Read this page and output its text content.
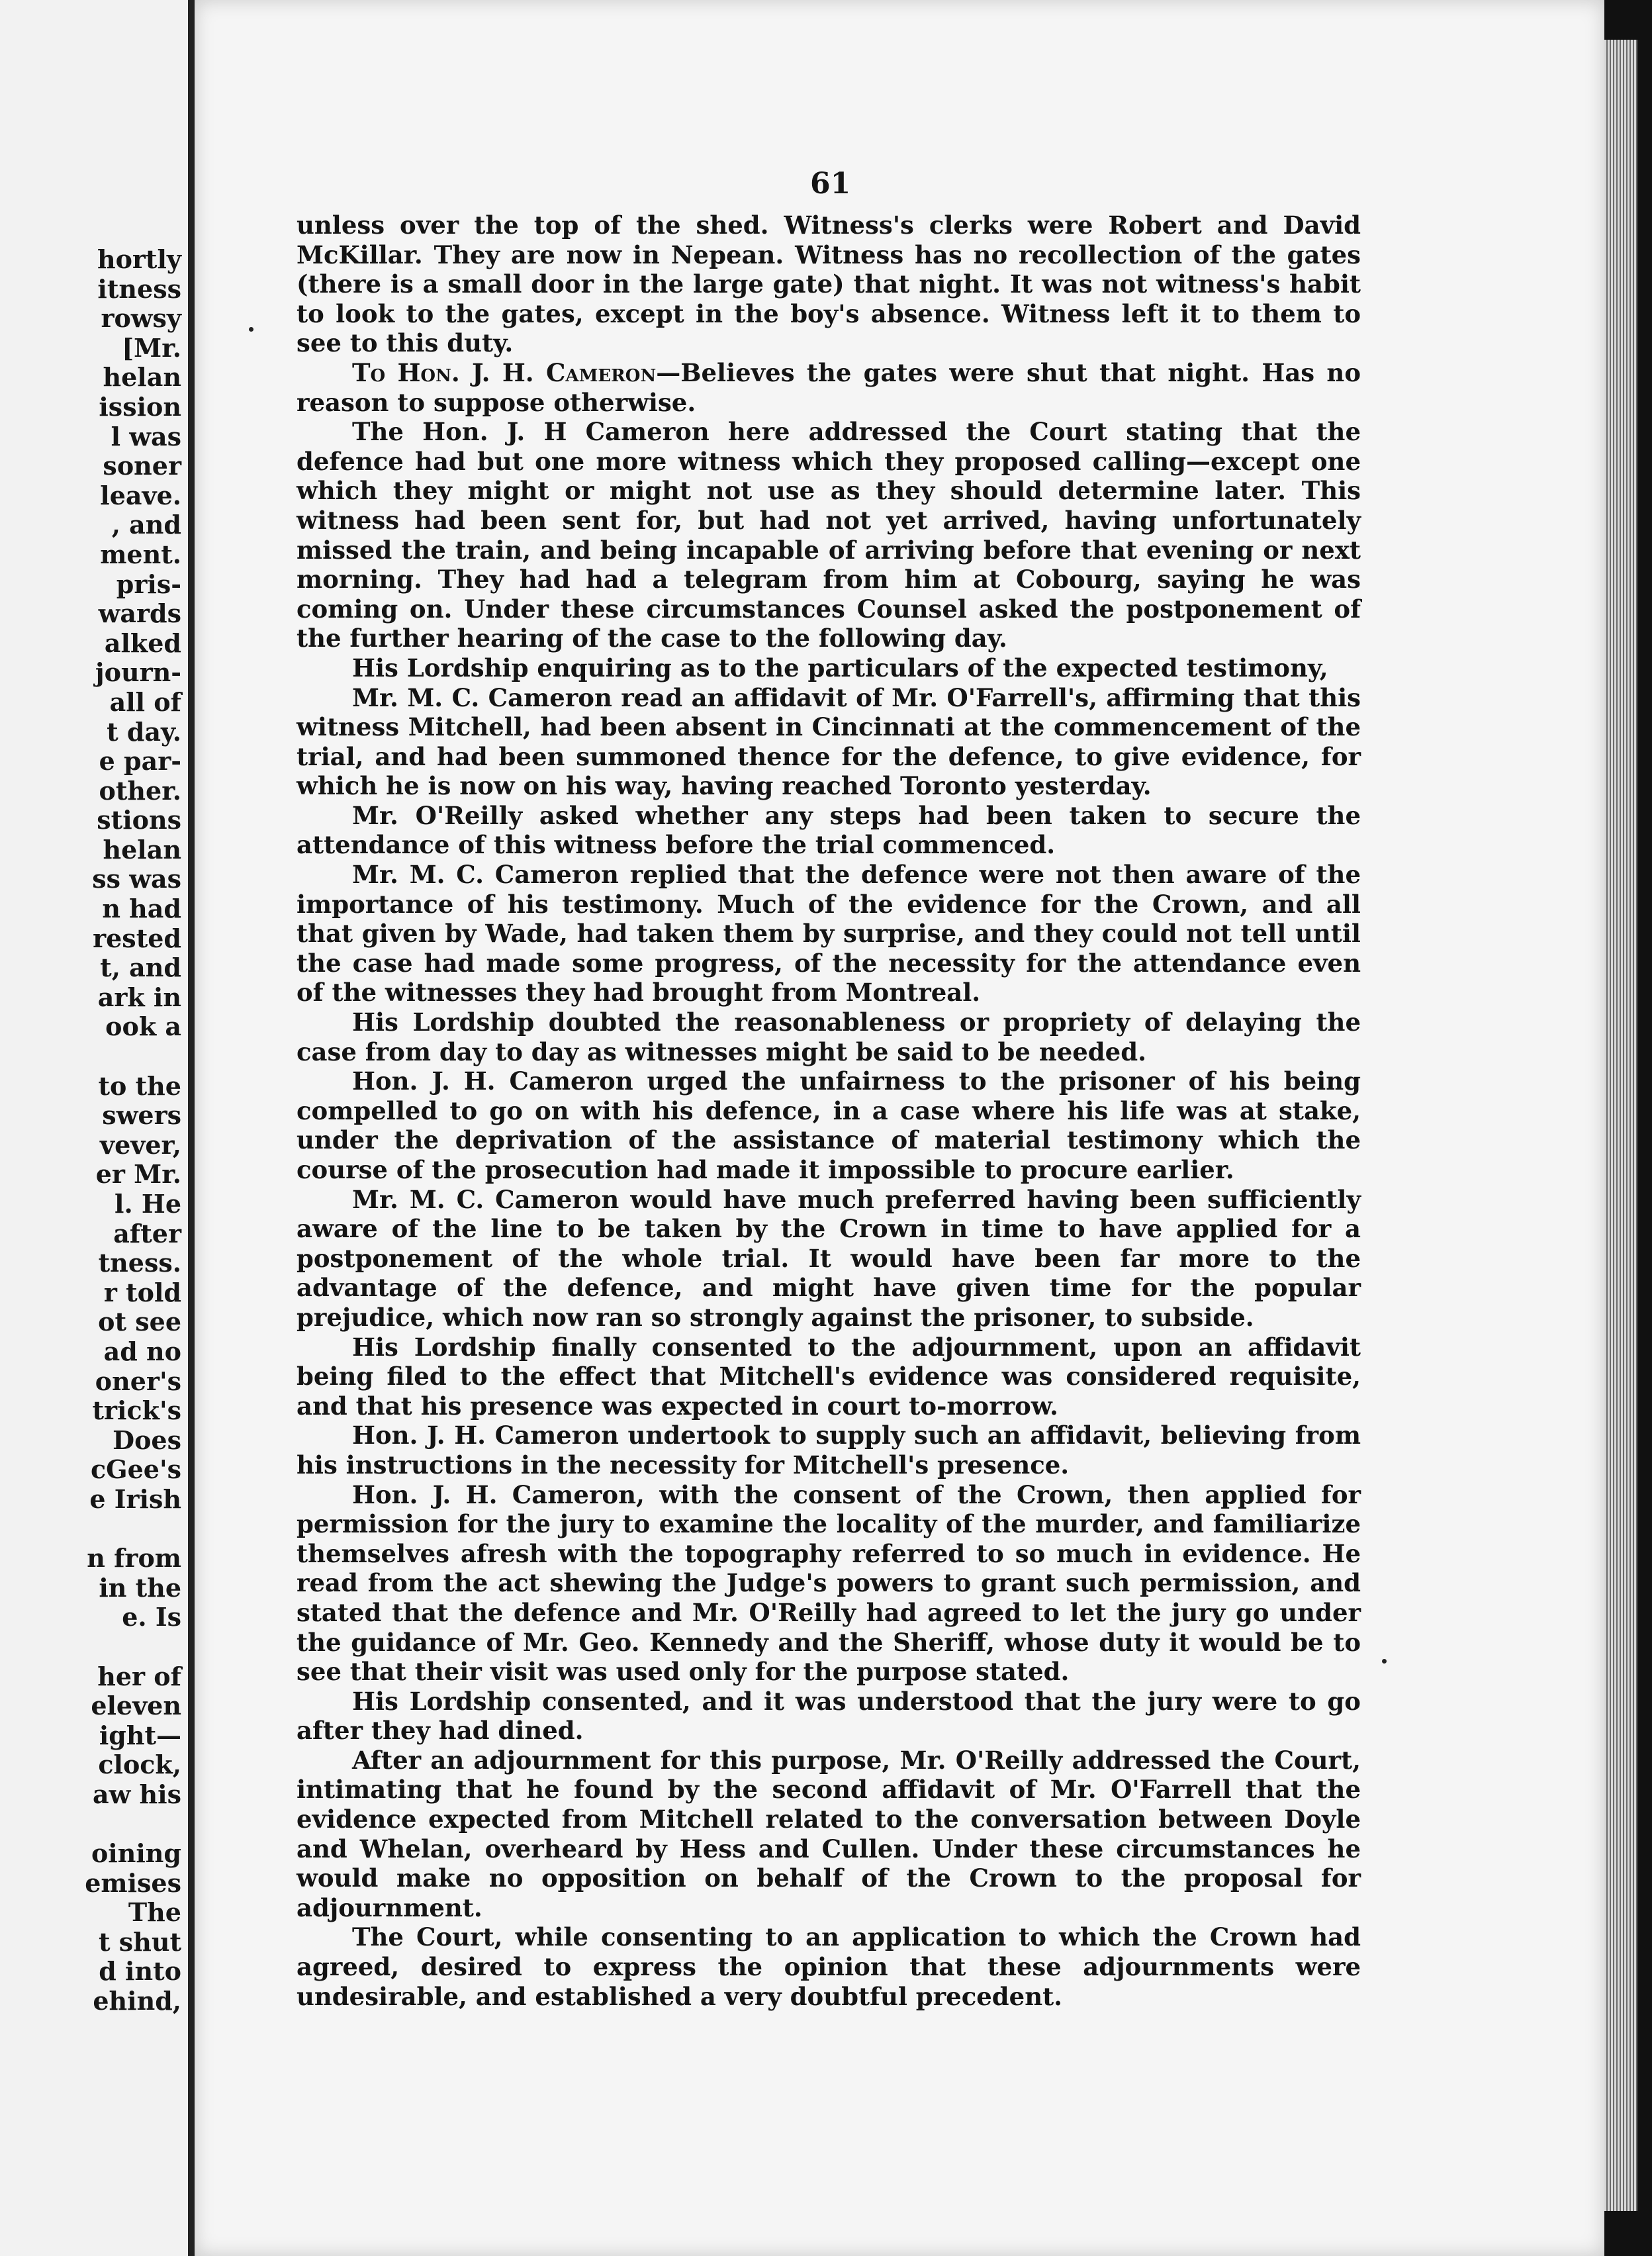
hortly
itness
rowsy
[Mr.
helan
ission
l was
soner
leave.
, and
ment.
pris-
wards
alked
journ-
all of
t day.
e par-
other.
stions
helan
ss was
n had
rested
t, and
ark in
ook a

to the
swers
vever,
er Mr.
l. He
after
tness.
r told
ot see
ad no
oner's
trick's
Does
cGee's
e Irish

n from
in the
e. Is

her of
eleven
ight—
clock,
aw his

oining
emises
The
t shut
d into
ehind,
61

unless over the top of the shed. Witness's clerks were Robert and David McKillar. They are now in Nepean. Witness has no recollection of the gates (there is a small door in the large gate) that night. It was not witness's habit to look to the gates, except in the boy's absence. Witness left it to them to see to this duty.

To Hon. J. H. Cameron—Believes the gates were shut that night. Has no reason to suppose otherwise.

The Hon. J. H Cameron here addressed the Court stating that the defence had but one more witness which they proposed calling—except one which they might or might not use as they should determine later. This witness had been sent for, but had not yet arrived, having unfortunately missed the train, and being incapable of arriving before that evening or next morning. They had had a telegram from him at Cobourg, saying he was coming on. Under these circumstances Counsel asked the postponement of the further hearing of the case to the following day.

His Lordship enquiring as to the particulars of the expected testimony,

Mr. M. C. Cameron read an affidavit of Mr. O'Farrell's, affirming that this witness Mitchell, had been absent in Cincinnati at the commencement of the trial, and had been summoned thence for the defence, to give evidence, for which he is now on his way, having reached Toronto yesterday.

Mr. O'Reilly asked whether any steps had been taken to secure the attendance of this witness before the trial commenced.

Mr. M. C. Cameron replied that the defence were not then aware of the importance of his testimony. Much of the evidence for the Crown, and all that given by Wade, had taken them by surprise, and they could not tell until the case had made some progress, of the necessity for the attendance even of the witnesses they had brought from Montreal.

His Lordship doubted the reasonableness or propriety of delaying the case from day to day as witnesses might be said to be needed.

Hon. J. H. Cameron urged the unfairness to the prisoner of his being compelled to go on with his defence, in a case where his life was at stake, under the deprivation of the assistance of material testimony which the course of the prosecution had made it impossible to procure earlier.

Mr. M. C. Cameron would have much preferred having been sufficiently aware of the line to be taken by the Crown in time to have applied for a postponement of the whole trial. It would have been far more to the advantage of the defence, and might have given time for the popular prejudice, which now ran so strongly against the prisoner, to subside.

His Lordship finally consented to the adjournment, upon an affidavit being filed to the effect that Mitchell's evidence was considered requisite, and that his presence was expected in court to-morrow.

Hon. J. H. Cameron undertook to supply such an affidavit, believing from his instructions in the necessity for Mitchell's presence.

Hon. J. H. Cameron, with the consent of the Crown, then applied for permission for the jury to examine the locality of the murder, and familiarize themselves afresh with the topography referred to so much in evidence. He read from the act shewing the Judge's powers to grant such permission, and stated that the defence and Mr. O'Reilly had agreed to let the jury go under the guidance of Mr. Geo. Kennedy and the Sheriff, whose duty it would be to see that their visit was used only for the purpose stated.

His Lordship consented, and it was understood that the jury were to go after they had dined.

After an adjournment for this purpose, Mr. O'Reilly addressed the Court, intimating that he found by the second affidavit of Mr. O'Farrell that the evidence expected from Mitchell related to the conversation between Doyle and Whelan, overheard by Hess and Cullen. Under these circumstances he would make no opposition on behalf of the Crown to the proposal for adjournment.

The Court, while consenting to an application to which the Crown had agreed, desired to express the opinion that these adjournments were undesirable, and established a very doubtful precedent.
